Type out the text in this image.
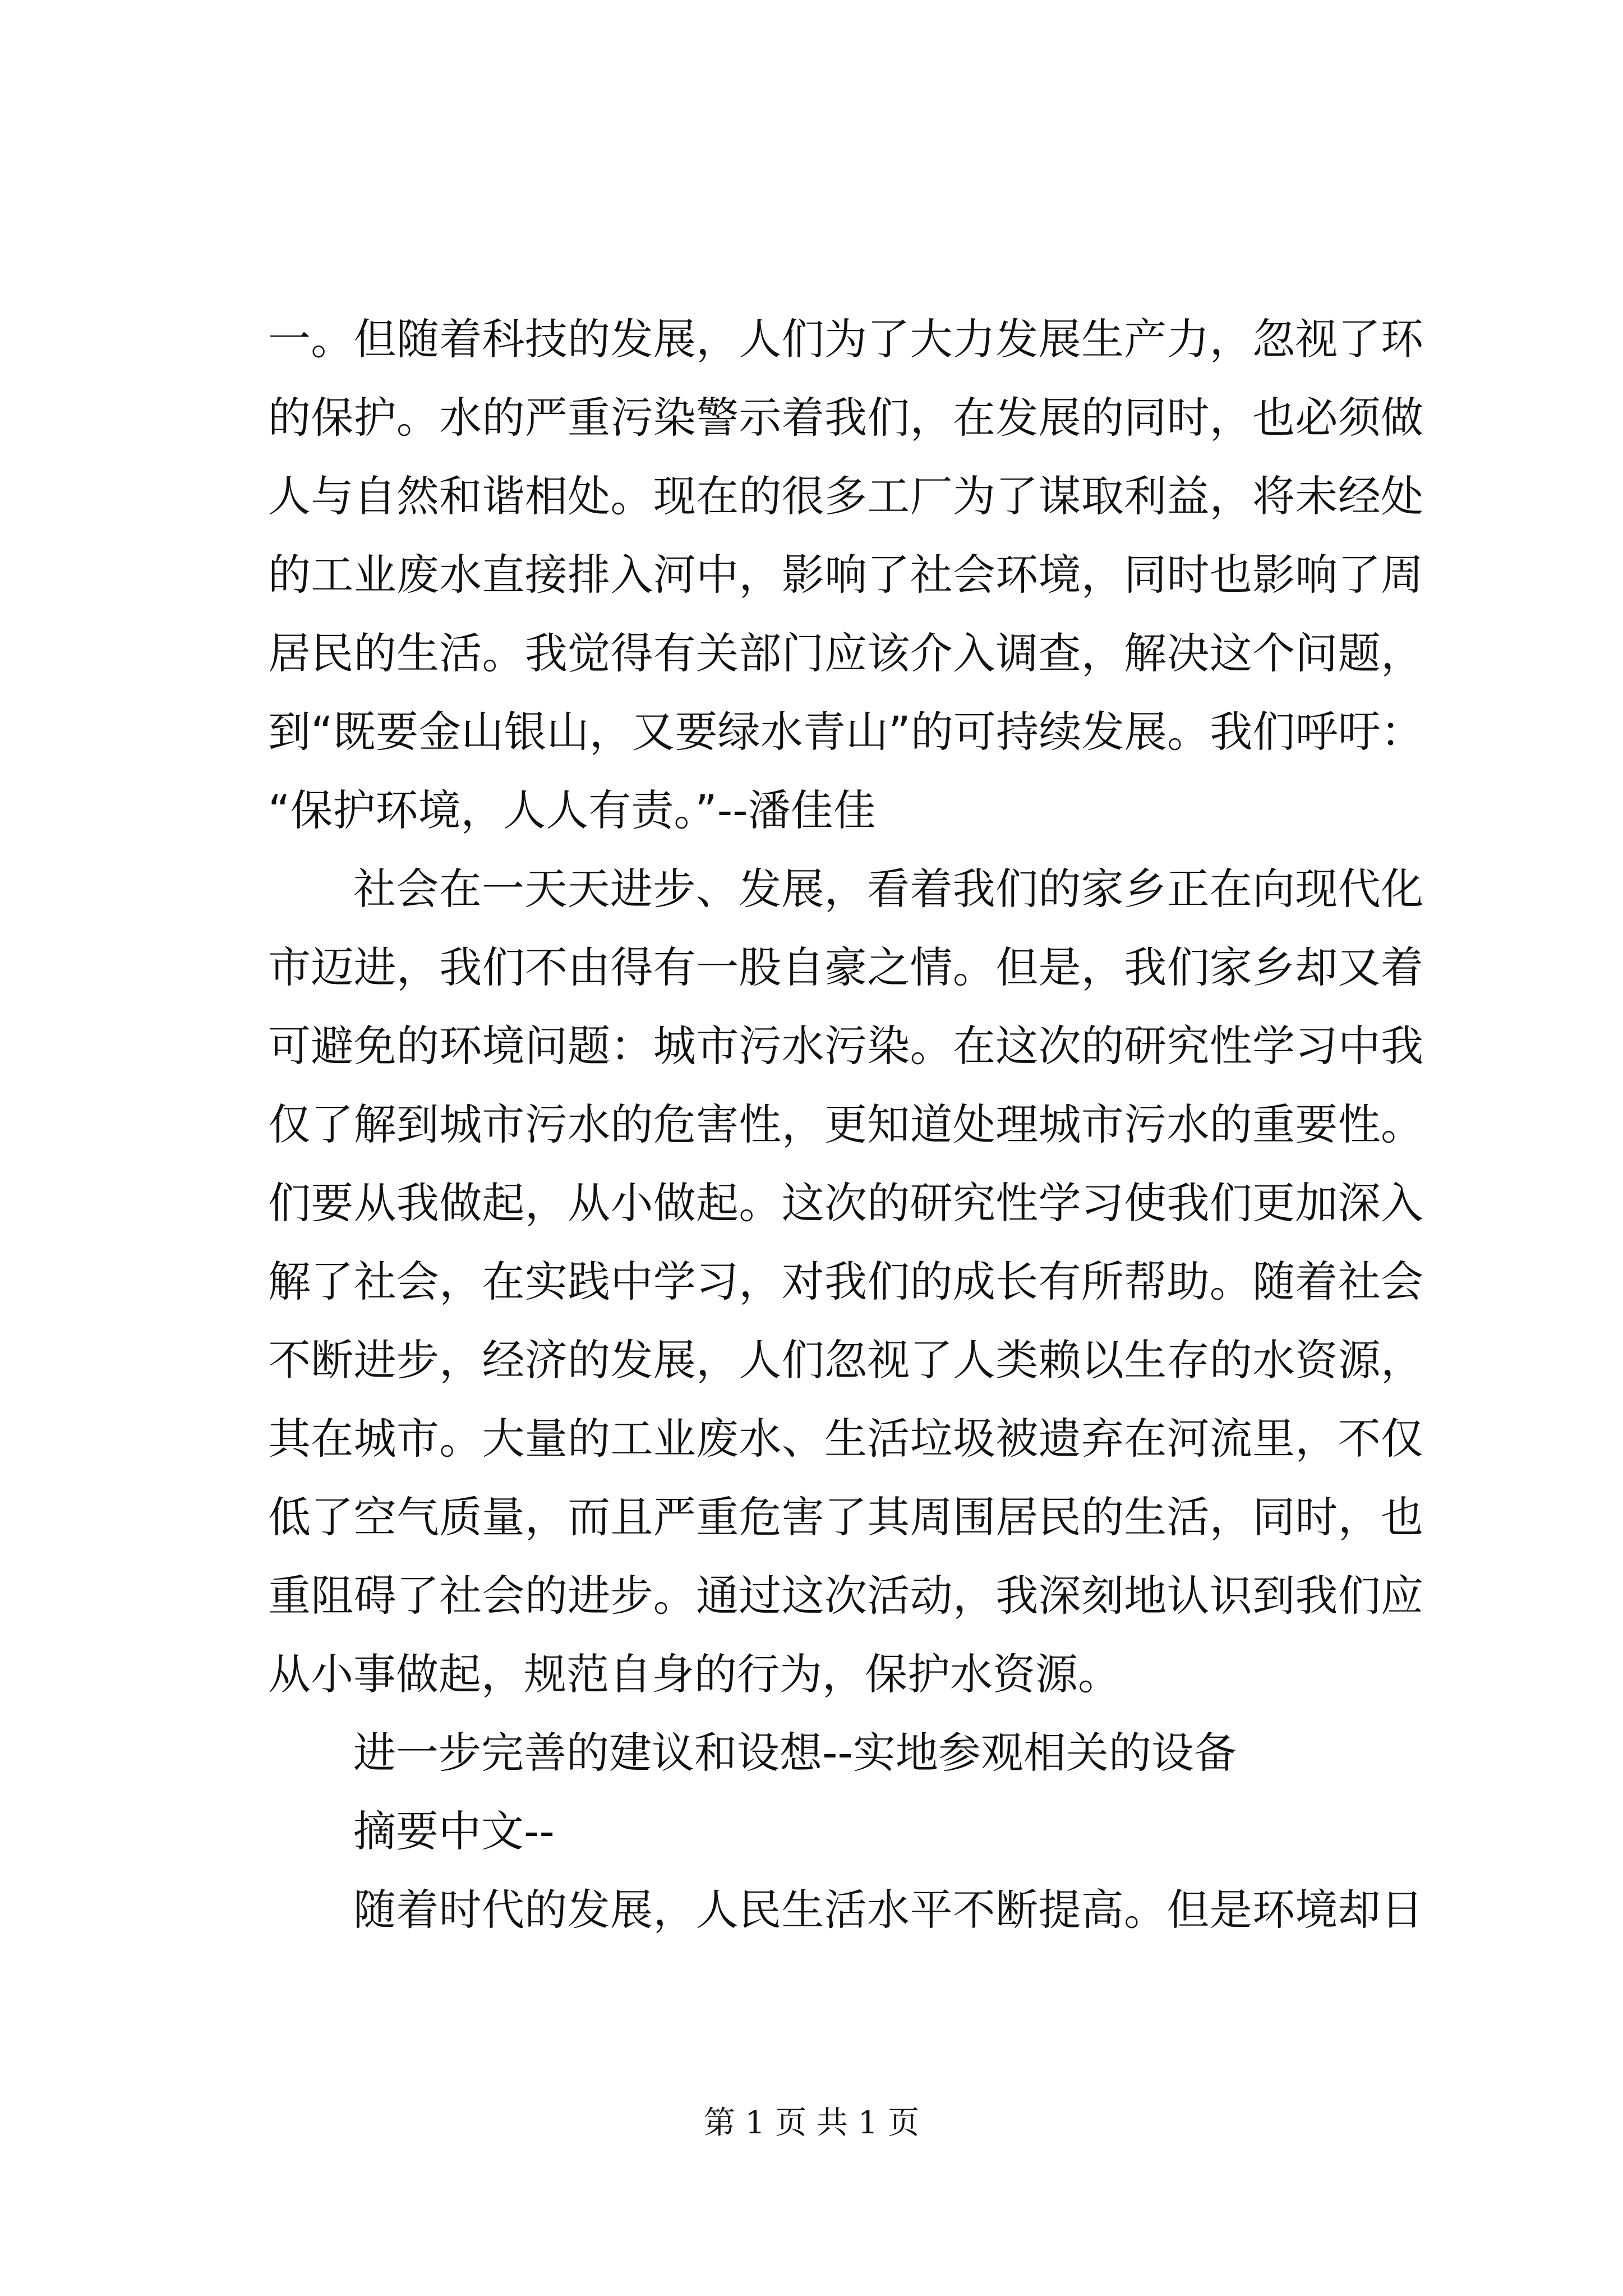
一。但随着科技的发展，人们为了大力发展生产力，忽视了环
的保护。水的严重污染警示着我们，在发展的同时，也必须做
人与自然和谐相处。现在的很多工厂为了谋取利益，将未经处
的工业废水直接排入河中，影响了社会环境，同时也影响了周
居民的生活。我觉得有关部门应该介入调查，解决这个问题，
到“既要金山银山，又要绿水青山”的可持续发展。我们呼吁：
“保护环境，人人有责。”--潘佳佳
社会在一天天进步、发展，看着我们的家乡正在向现代化
市迈进，我们不由得有一股自豪之情。但是，我们家乡却又着
可避免的环境问题：城市污水污染。在这次的研究性学习中我
仅了解到城市污水的危害性，更知道处理城市污水的重要性。
们要从我做起，从小做起。这次的研究性学习使我们更加深入
解了社会，在实践中学习，对我们的成长有所帮助。随着社会
不断进步，经济的发展，人们忽视了人类赖以生存的水资源，
其在城市。大量的工业废水、生活垃圾被遗弃在河流里，不仅
低了空气质量，而且严重危害了其周围居民的生活，同时，也
重阻碍了社会的进步。通过这次活动，我深刻地认识到我们应
从小事做起，规范自身的行为，保护水资源。
进一步完善的建议和设想--实地参观相关的设备
摘要中文--
随着时代的发展，人民生活水平不断提高。但是环境却日
第 1 页 共 1 页
